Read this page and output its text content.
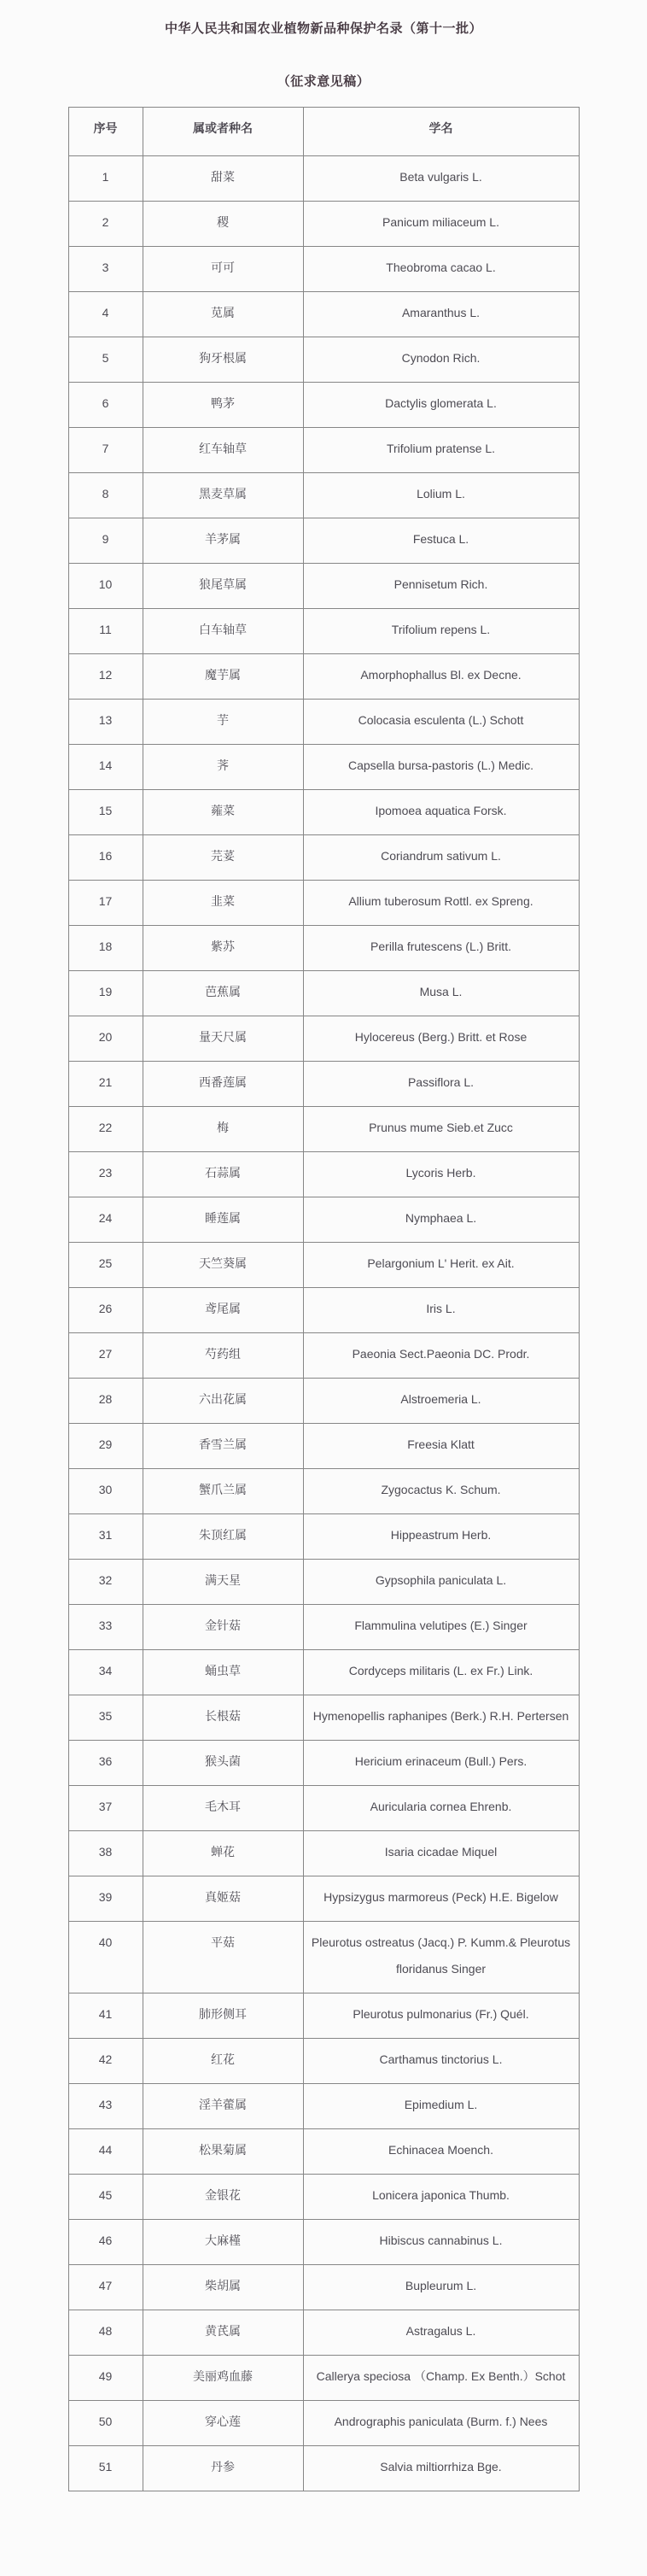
中华人民共和国农业植物新品种保护名录（第十一批）
（征求意见稿）
序号	属或者种名	学名
1	甜菜	Beta vulgaris L.
2	稷	Panicum miliaceum L.
3	可可	Theobroma cacao L.
4	苋属	Amaranthus L.
5	狗牙根属	Cynodon Rich.
6	鸭茅	Dactylis glomerata L.
7	红车轴草	Trifolium pratense L.
8	黑麦草属	Lolium L.
9	羊茅属	Festuca L.
10	狼尾草属	Pennisetum Rich.
11	白车轴草	Trifolium repens L.
12	魔芋属	Amorphophallus Bl. ex Decne.
13	芋	Colocasia esculenta (L.) Schott
14	荠	Capsella bursa-pastoris (L.) Medic.
15	蕹菜	Ipomoea aquatica Forsk.
16	芫荽	Coriandrum sativum L.
17	韭菜	Allium tuberosum Rottl. ex Spreng.
18	紫苏	Perilla frutescens (L.) Britt.
19	芭蕉属	Musa L.
20	量天尺属	Hylocereus (Berg.) Britt. et Rose
21	西番莲属	Passiflora L.
22	梅	Prunus mume Sieb.et Zucc
23	石蒜属	Lycoris Herb.
24	睡莲属	Nymphaea L.
25	天竺葵属	Pelargonium L' Herit. ex Ait.
26	鸢尾属	Iris L.
27	芍药组	Paeonia Sect.Paeonia DC. Prodr.
28	六出花属	Alstroemeria L.
29	香雪兰属	Freesia Klatt
30	蟹爪兰属	Zygocactus K. Schum.
31	朱顶红属	Hippeastrum Herb.
32	满天星	Gypsophila paniculata L.
33	金针菇	Flammulina velutipes (E.) Singer
34	蛹虫草	Cordyceps militaris (L. ex Fr.) Link.
35	长根菇	Hymenopellis raphanipes (Berk.) R.H. Pertersen
36	猴头菌	Hericium erinaceum (Bull.) Pers.
37	毛木耳	Auricularia cornea Ehrenb.
38	蝉花	Isaria cicadae Miquel
39	真姬菇	Hypsizygus marmoreus (Peck) H.E. Bigelow
40	平菇	Pleurotus ostreatus (Jacq.) P. Kumm.& Pleurotus floridanus Singer
41	肺形侧耳	Pleurotus pulmonarius (Fr.) Quél.
42	红花	Carthamus tinctorius L.
43	淫羊藿属	Epimedium L.
44	松果菊属	Echinacea Moench.
45	金银花	Lonicera japonica Thumb.
46	大麻槿	Hibiscus cannabinus L.
47	柴胡属	Bupleurum L.
48	黄芪属	Astragalus L.
49	美丽鸡血藤	Callerya speciosa （Champ. Ex Benth.）Schot
50	穿心莲	Andrographis paniculata (Burm. f.) Nees
51	丹参	Salvia miltiorrhiza Bge.
